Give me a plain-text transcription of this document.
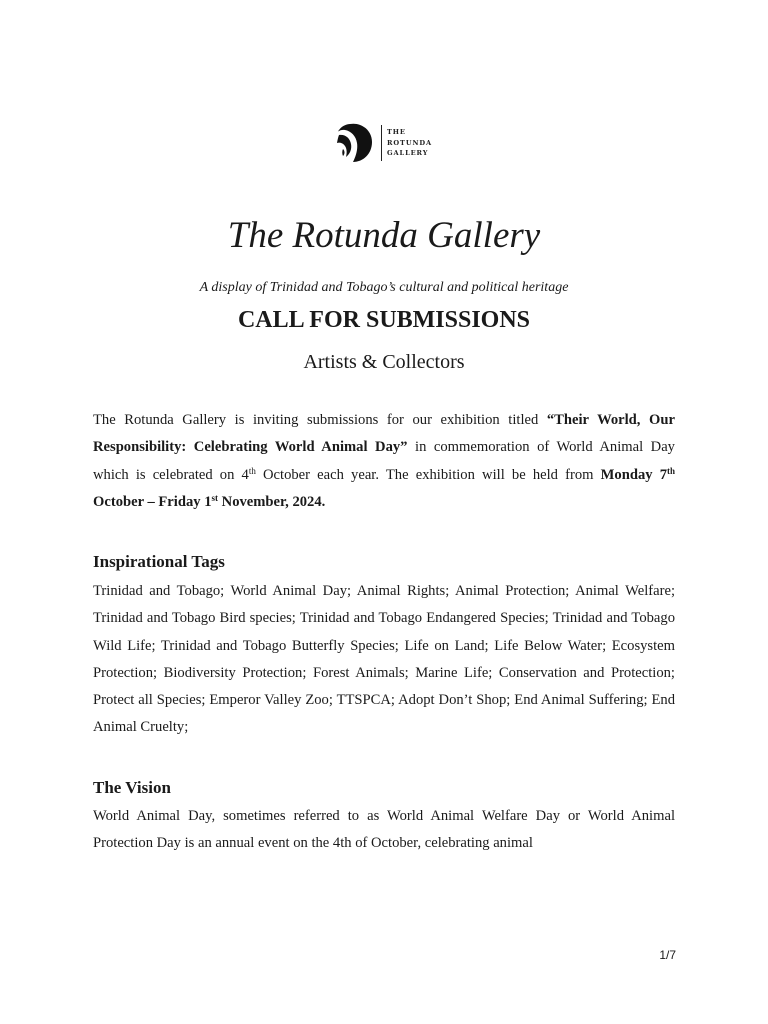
THE
ROTUNDA
GALLERY
The Rotunda Gallery
A display of Trinidad and Tobago’s cultural and political heritage
CALL FOR SUBMISSIONS
Artists & Collectors

The Rotunda Gallery is inviting submissions for our exhibition titled “Their World, Our Responsibility: Celebrating World Animal Day” in commemoration of World Animal Day which is celebrated on 4th October each year. The exhibition will be held from Monday 7th October – Friday 1st November, 2024.

Inspirational Tags

Trinidad and Tobago; World Animal Day; Animal Rights; Animal Protection; Animal Welfare; Trinidad and Tobago Bird species; Trinidad and Tobago Endangered Species; Trinidad and Tobago Wild Life; Trinidad and Tobago Butterfly Species; Life on Land; Life Below Water; Ecosystem Protection; Biodiversity Protection; Forest Animals; Marine Life; Conservation and Protection; Protect all Species; Emperor Valley Zoo; TTSPCA; Adopt Don’t Shop; End Animal Suffering; End Animal Cruelty;

The Vision

World Animal Day, sometimes referred to as World Animal Welfare Day or World Animal Protection Day is an annual event on the 4th of October, celebrating animal

1/7
